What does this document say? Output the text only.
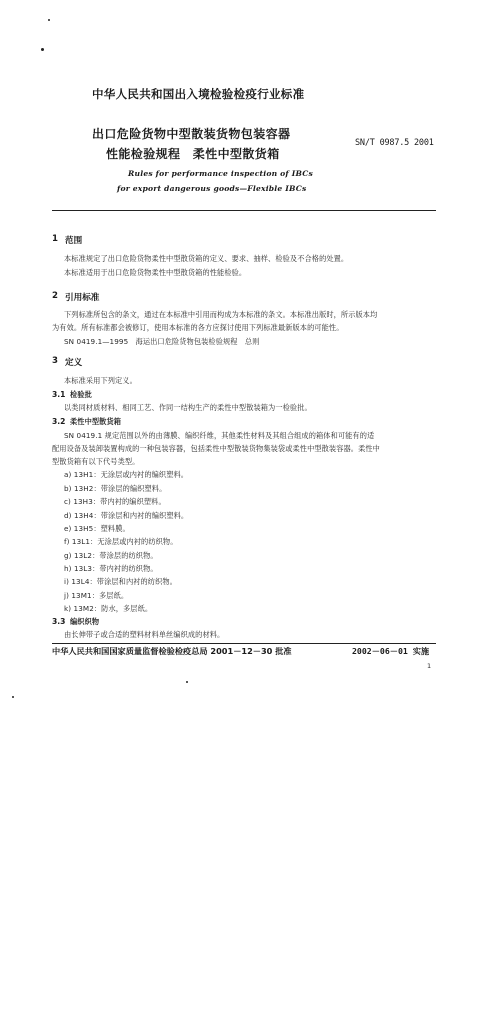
中华人民共和国出入境检验检疫行业标准
出口危险货物中型散装货物包装容器
性能检验规程　柔性中型散货箱
SN/T 0987.5 2001
Rules for performance inspection of IBCs
for export dangerous goods—Flexible IBCs
1 范围
本标准规定了出口危险货物柔性中型散货箱的定义、要求、抽样、检验及不合格的处置。
本标准适用于出口危险货物柔性中型散货箱的性能检验。
2 引用标准
下列标准所包含的条文，通过在本标准中引用而构成为本标准的条文。本标准出版时，所示版本均
为有效。所有标准都会被修订，使用本标准的各方应探讨使用下列标准最新版本的可能性。
SN 0419.1—1995　海运出口危险货物包装检验规程　总则
3 定义
本标准采用下列定义。
3.1 检验批
以类同材质材料、相同工艺、作同一结构生产的柔性中型散装箱为一检验批。
3.2 柔性中型散货箱
SN 0419.1 规定范围以外的由薄膜、编织纤维，其他柔性材料及其组合组成的箱体和可能有的适
配用设备及装卸装置构成的一种包装容器，包括柔性中型散装货物集装袋或柔性中型散装容器。柔性中
型散货箱有以下代号类型。
a) 13H1：无涂层或内衬的编织塑料。
b) 13H2：带涂层的编织塑料。
c) 13H3：带内衬的编织塑料。
d) 13H4：带涂层和内衬的编织塑料。
e) 13H5：塑料膜。
f) 13L1：无涂层或内衬的纺织物。
g) 13L2：带涂层的纺织物。
h) 13L3：带内衬的纺织物。
i) 13L4：带涂层和内衬的纺织物。
j) 13M1：多层纸。
k) 13M2：防水，多层纸。
3.3 编织织物
由长伸带子或合适的塑料材料单丝编织成的材料。
中华人民共和国国家质量监督检验检疫总局 2001－12－30 批准	2002－06－01 实施
1
